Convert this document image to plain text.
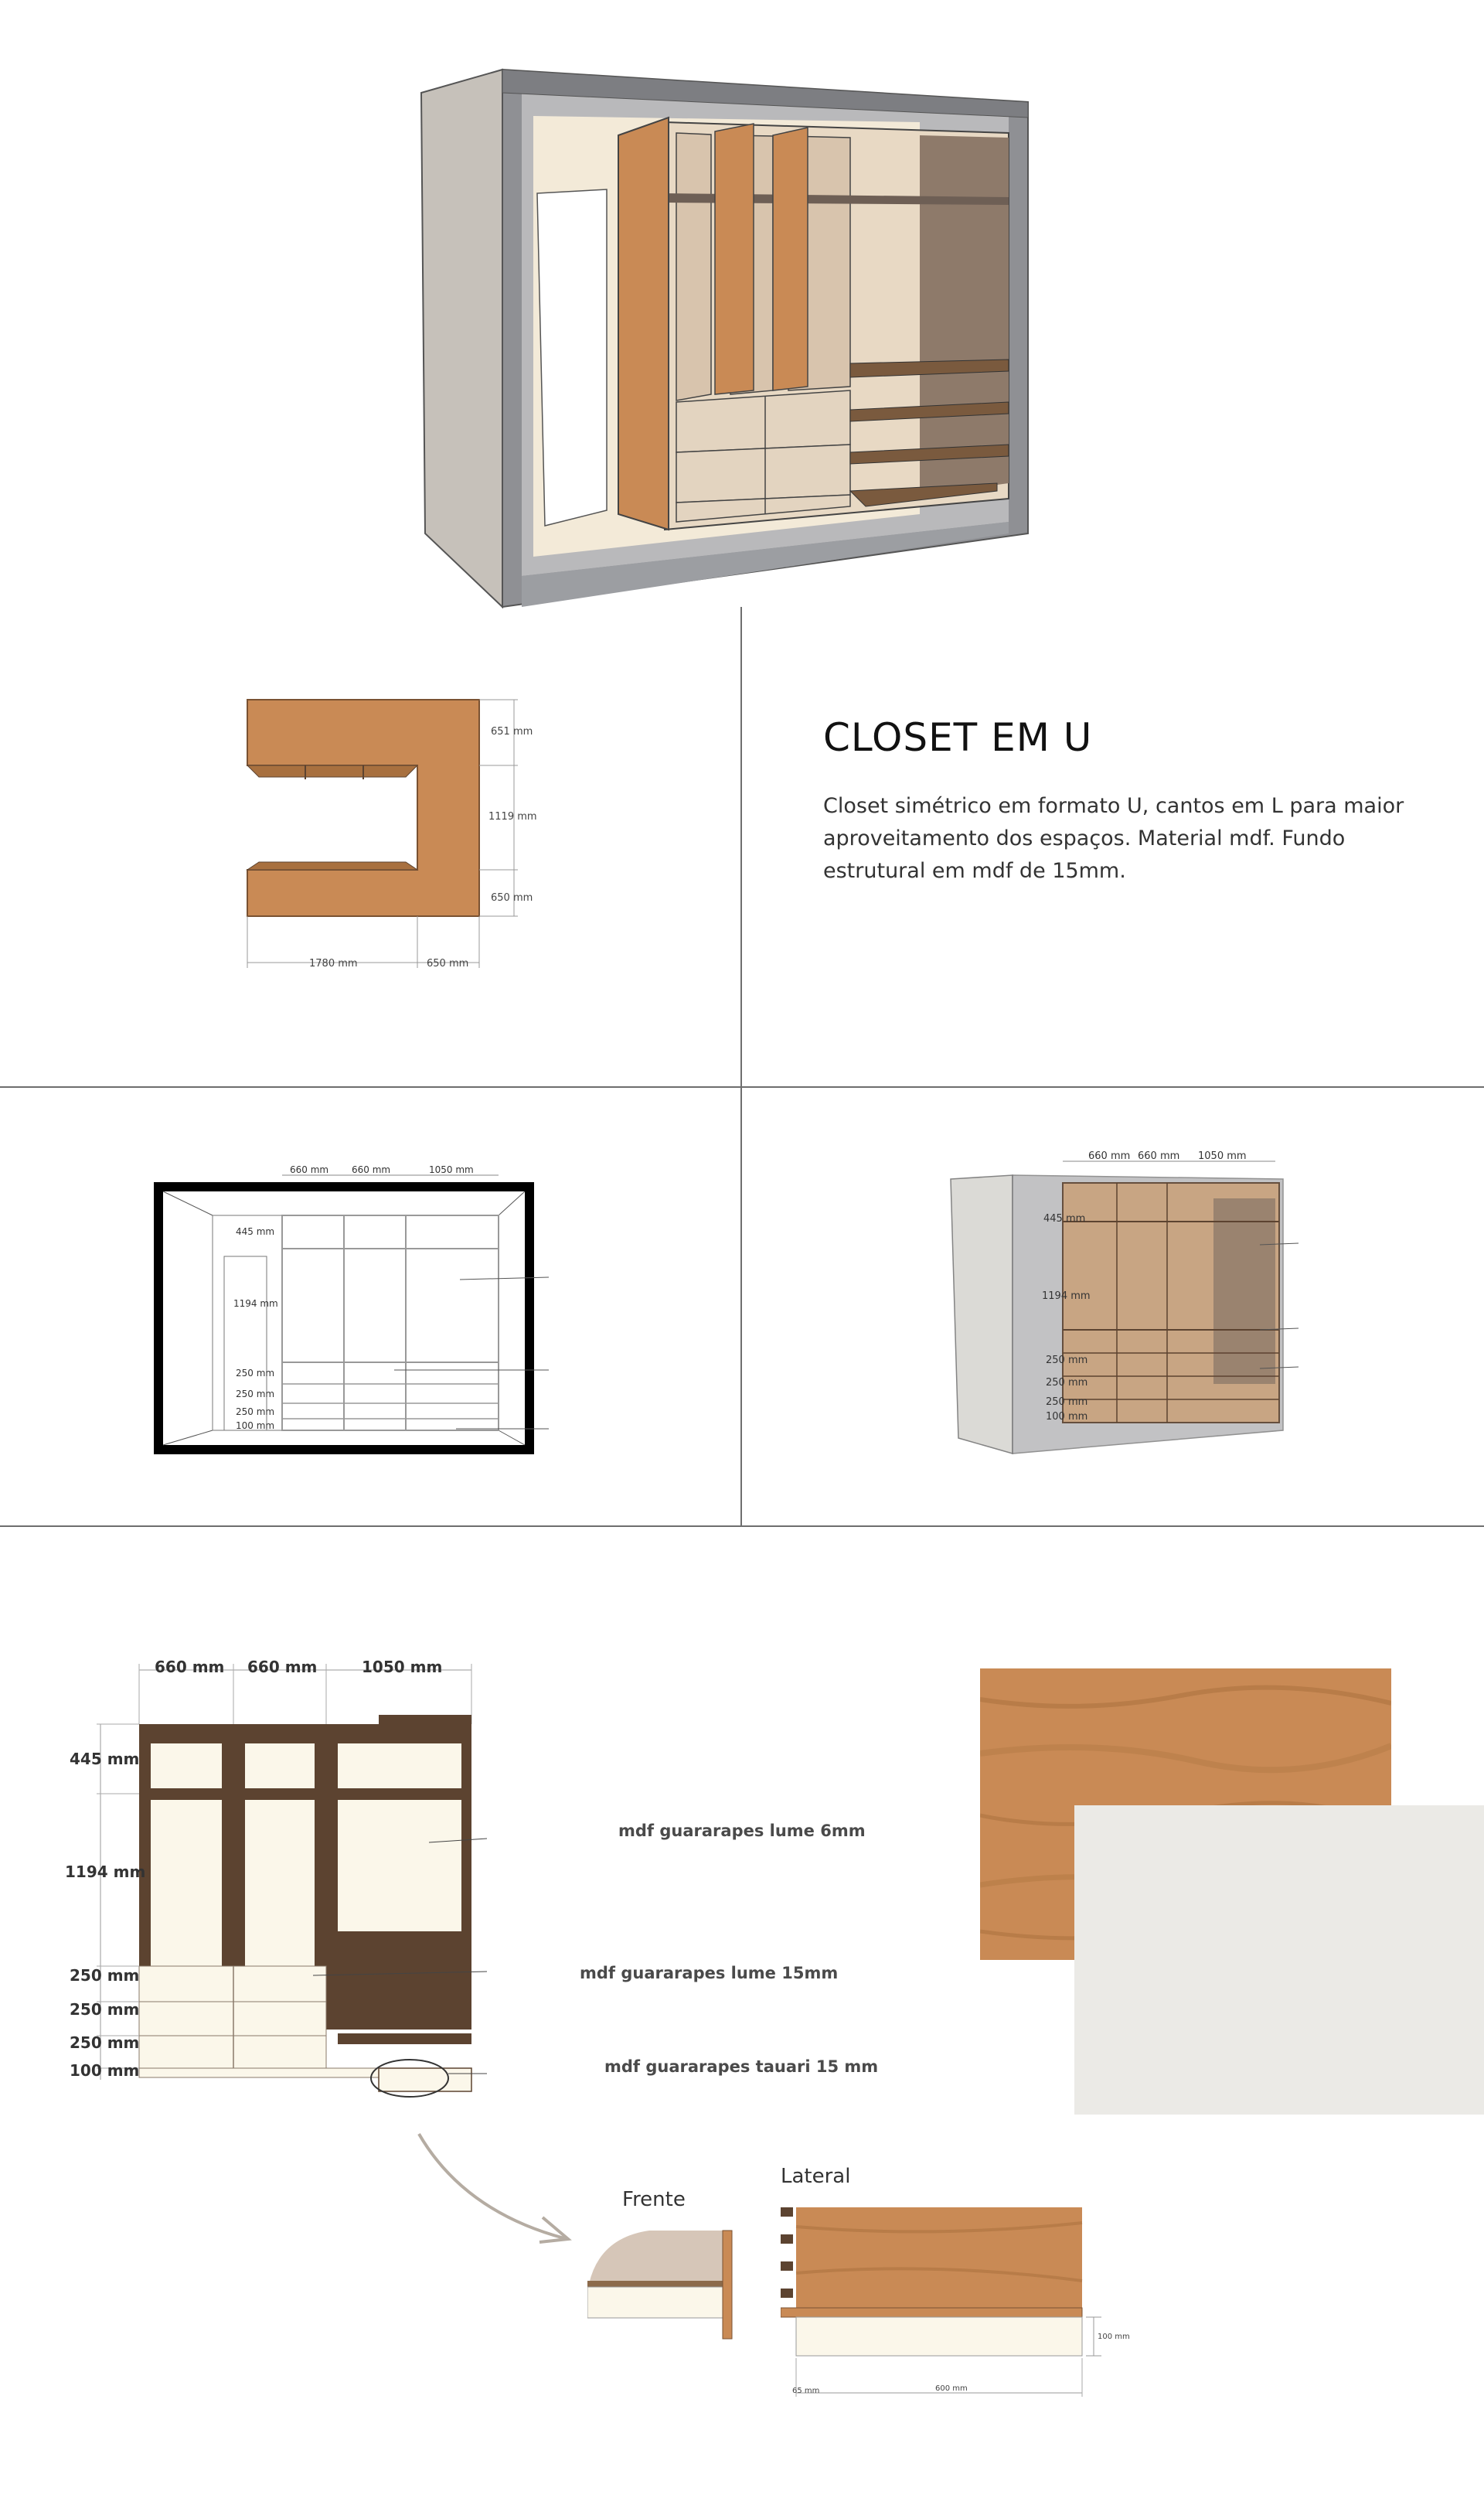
651 mm
1119 mm
650 mm
1780 mm	650 mm
CLOSET EM U
Closet simétrico em formato U, cantos em L para maior aproveitamento dos espaços. Material mdf. Fundo estrutural em mdf de 15mm.
660 mm 660 mm	1050 mm
445 mm
1194 mm
250 mm
250 mm
250 mm
100 mm
660 mm 660 mm 1050 mm
445 mm
1194 mm
250 mm
250 mm
250 mm
100 mm
660 mm 660 mm	1050 mm
445 mm
1194 mm
250 mm
250 mm
250 mm
100 mm
mdf guararapes lume 6mm
mdf guararapes lume 15mm
mdf guararapes tauari 15 mm
Frente
Lateral
100 mm
600 mm
65 mm
